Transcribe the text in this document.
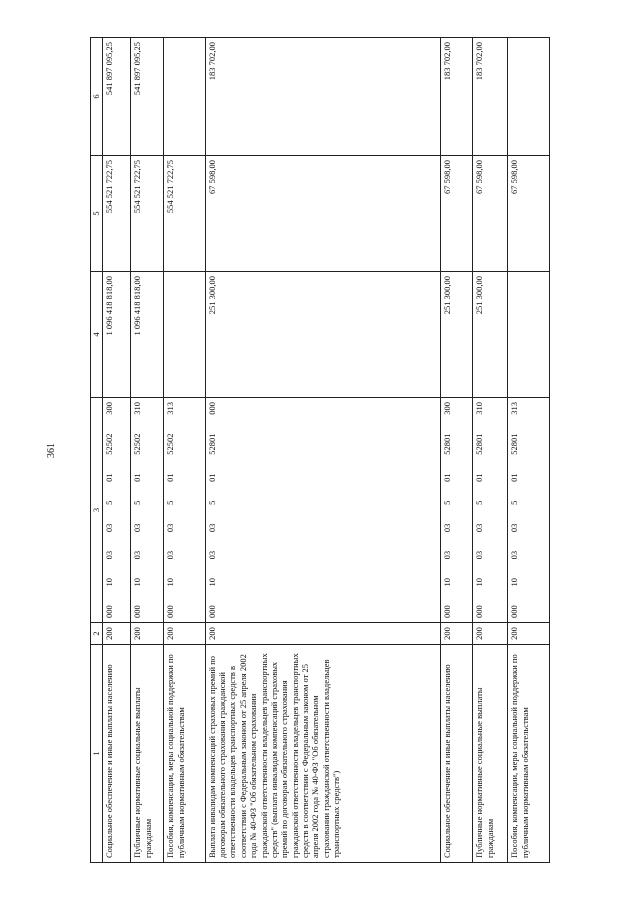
361
1	2	3	4	5	6
Социальное обеспечение и иные выплаты населению	200	000 10 03 03 5 01 52502 300	1 096 418 818,00	554 521 722,75	541 897 095,25
Публичные нормативные социальные выплаты гражданам	200	000 10 03 03 5 01 52502 310	1 096 418 818,00	554 521 722,75	541 897 095,25
Пособия, компенсации, меры социальной поддержки по публичным нормативным обязательствам	200	000 10 03 03 5 01 52502 313		554 521 722,75	
Выплата инвалидам компенсаций страховых премий по договорам обязательного страхования гражданской ответственности владельцев транспортных средств в соответствии с Федеральным законом от 25 апреля 2002 года № 40-ФЗ "Об обязательном страховании гражданской ответственности владельцев транспортных средств" (выплата инвалидам компенсаций страховых премий по договорам обязательного страхования гражданской ответственности владельцев транспортных средств в соответствии с Федеральным законом от 25 апреля 2002 года № 40-ФЗ "Об обязательном страховании гражданской ответственности владельцев транспортных средств")	200	000 10 03 03 5 01 52801 000	251 300,00	67 598,00	183 702,00
Социальное обеспечение и иные выплаты населению	200	000 10 03 03 5 01 52801 300	251 300,00	67 598,00	183 702,00
Публичные нормативные социальные выплаты гражданам	200	000 10 03 03 5 01 52801 310	251 300,00	67 598,00	183 702,00
Пособия, компенсации, меры социальной поддержки по публичным нормативным обязательствам	200	000 10 03 03 5 01 52801 313		67 598,00	
